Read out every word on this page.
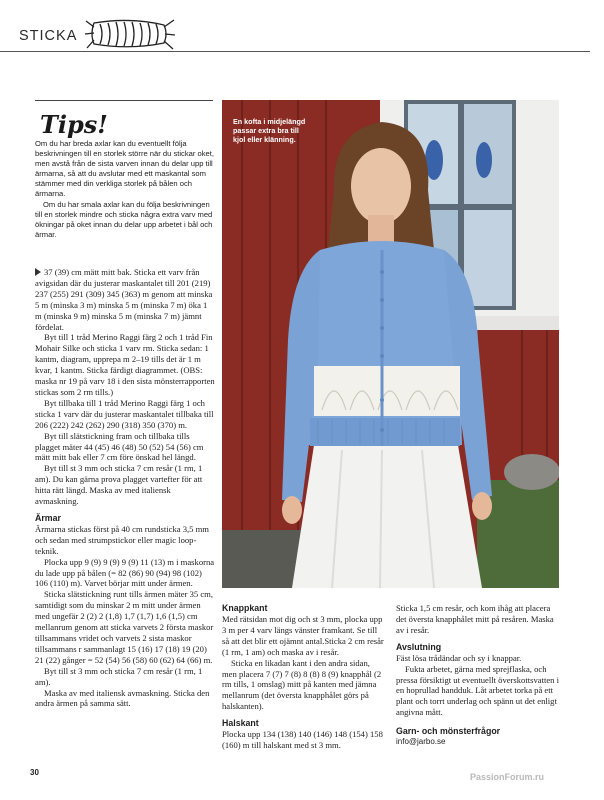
STICKA
Tips!

Om du har breda axlar kan du eventuellt följa beskrivningen till en storlek större när du stickar oket, men avstå från de sista varven innan du delar upp till ärmarna, så att du avslutar med ett maskantal som stämmer med din verkliga storlek på bålen och ärmarna.

Om du har smala axlar kan du följa beskrivningen till en storlek mindre och sticka några extra varv med ökningar på oket innan du delar upp arbetet i bål och ärmar.

En kofta i midjelängd passar extra bra till kjol eller klänning.

37 (39) cm mätt mitt bak. Sticka ett varv från avigsidan där du justerar maskantalet till 201 (219) 237 (255) 291 (309) 345 (363) m genom att minska 5 m (minska 3 m) minska 5 m (minska 7 m) öka 1 m (minska 9 m) minska 5 m (minska 7 m) jämnt fördelat.

Byt till 1 tråd Merino Raggi färg 2 och 1 tråd Fin Mohair Silke och sticka 1 varv rm. Sticka sedan: 1 kantm, diagram, upprepa m 2–19 tills det är 1 m kvar, 1 kantm. Sticka färdigt diagrammet. (OBS: maska nr 19 på varv 18 i den sista mönsterrapporten stickas som 2 rm tills.)

Byt tillbaka till 1 tråd Merino Raggi färg 1 och sticka 1 varv där du justerar maskantalet tillbaka till 206 (222) 242 (262) 290 (318) 350 (370) m.

Byt till slätstickning fram och tillbaka tills plagget mäter 44 (45) 46 (48) 50 (52) 54 (56) cm mätt mitt bak eller 7 cm före önskad hel längd.

Byt till st 3 mm och sticka 7 cm resår (1 rm, 1 am). Du kan gärna prova plagget vartefter för att hitta rätt längd. Maska av med italiensk avmaskning.

Ärmar

Ärmarna stickas först på 40 cm rundsticka 3,5 mm och sedan med strumpstickor eller magic loop-teknik.

Plocka upp 9 (9) 9 (9) 9 (9) 11 (13) m i maskorna du lade upp på bålen (= 82 (86) 90 (94) 98 (102) 106 (110) m). Varvet börjar mitt under ärmen.

Sticka slätstickning runt tills ärmen mäter 35 cm, samtidigt som du minskar 2 m mitt under ärmen med ungefär 2 (2) 2 (1,8) 1,7 (1,7) 1,6 (1,5) cm mellanrum genom att sticka varvets 2 första maskor tillsammans vridet och varvets 2 sista maskor tillsammans r sammanlagt 15 (16) 17 (18) 19 (20) 21 (22) gånger = 52 (54) 56 (58) 60 (62) 64 (66) m.

Byt till st 3 mm och sticka 7 cm resår (1 rm, 1 am).

Maska av med italiensk avmaskning. Sticka den andra ärmen på samma sätt.

Knappkant

Med rätsidan mot dig och st 3 mm, plocka upp 3 m per 4 varv längs vänster framkant. Se till så att det blir ett ojämnt antal.Sticka 2 cm resår (1 rm, 1 am) och maska av i resår.

Sticka en likadan kant i den andra sidan, men placera 7 (7) 7 (8) 8 (8) 8 (9) knapphål (2 rm tills, 1 omslag) mitt på kanten med jämna mellanrum (det översta knapphålet görs på halskanten).

Halskant

Plocka upp 134 (138) 140 (146) 148 (154) 158 (160) m till halskant med st 3 mm.

Sticka 1,5 cm resår, och kom ihåg att placera det översta knapphålet mitt på resåren. Maska av i resår.

Avslutning

Fäst lösa trådändar och sy i knappar.

Fukta arbetet, gärna med sprejflaska, och pressa försiktigt ut eventuellt överskottsvatten i en hoprullad handduk. Låt arbetet torka på ett plant och torrt underlag och spänn ut det enligt angivna mått.

Garn- och mönsterfrågor

info@jarbo.se

30	PassionForum.ru
